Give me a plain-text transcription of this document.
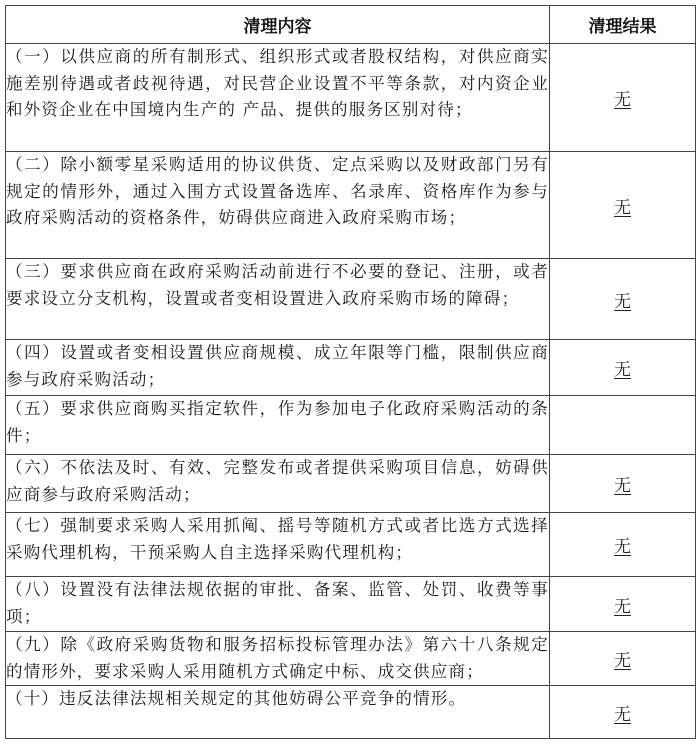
清理内容	清理结果
（一）以供应商的所有制形式、组织形式或者股权结构，对供应商实施差别待遇或者歧视待遇，对民营企业设置不平等条款，对内资企业和外资企业在中国境内生产的 产品、提供的服务区别对待；	无
（二）除小额零星采购适用的协议供货、定点采购以及财政部门另有规定的情形外，通过入围方式设置备选库、名录库、资格库作为参与政府采购活动的资格条件，妨碍供应商进入政府采购市场；	无
（三）要求供应商在政府采购活动前进行不必要的登记、注册，或者要求设立分支机构，设置或者变相设置进入政府采购市场的障碍；	无
（四）设置或者变相设置供应商规模、成立年限等门槛，限制供应商参与政府采购活动；	无
（五）要求供应商购买指定软件，作为参加电子化政府采购活动的条件；	
（六）不依法及时、有效、完整发布或者提供采购项目信息，妨碍供应商参与政府采购活动；	无
（七）强制要求采购人采用抓阄、摇号等随机方式或者比选方式选择采购代理机构，干预采购人自主选择采购代理机构；	无
（八）设置没有法律法规依据的审批、备案、监管、处罚、收费等事项；	无
（九）除《政府采购货物和服务招标投标管理办法》第六十八条规定的情形外，要求采购人采用随机方式确定中标、成交供应商；	无
（十）违反法律法规相关规定的其他妨碍公平竞争的情形。	无
